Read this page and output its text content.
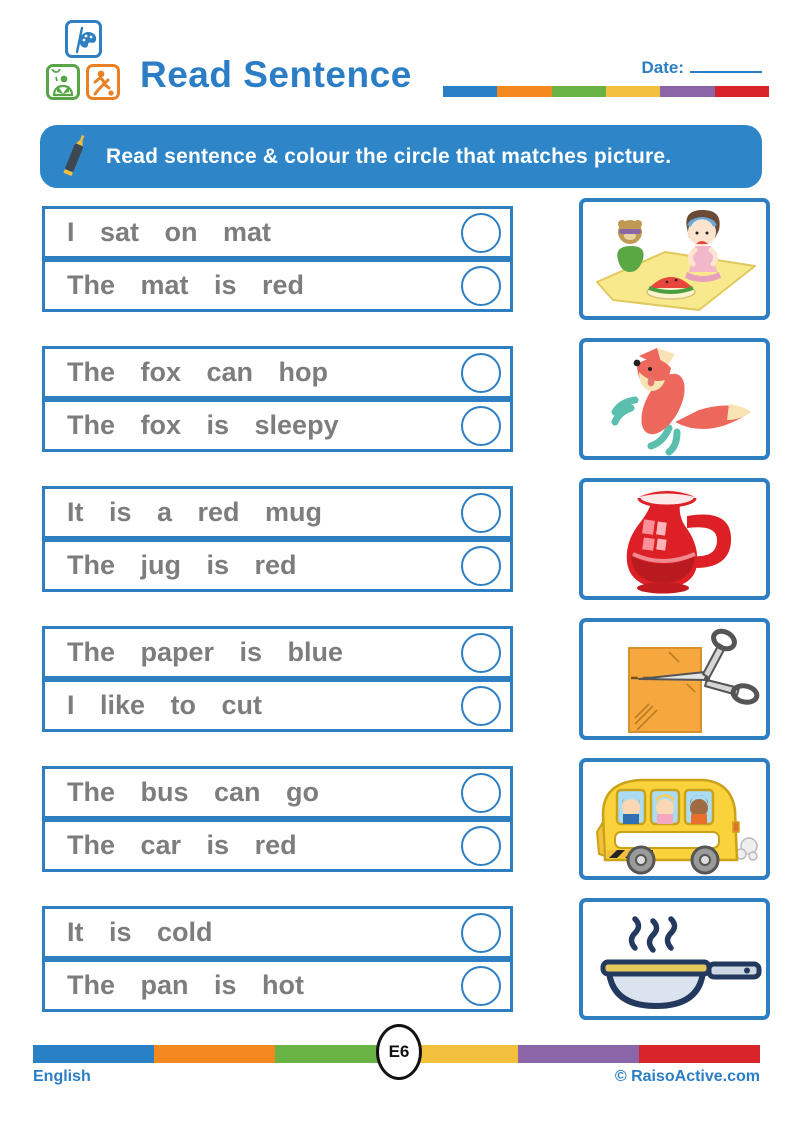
Read Sentence	Date:
Read sentence & colour the circle that matches picture.
I sat on mat
The mat is red
The fox can hop
The fox is sleepy
It is a red mug
The jug is red
The paper is blue
I like to cut
The bus can go
The car is red
It is cold
The pan is hot
E6
English	© RaisoActive.com
